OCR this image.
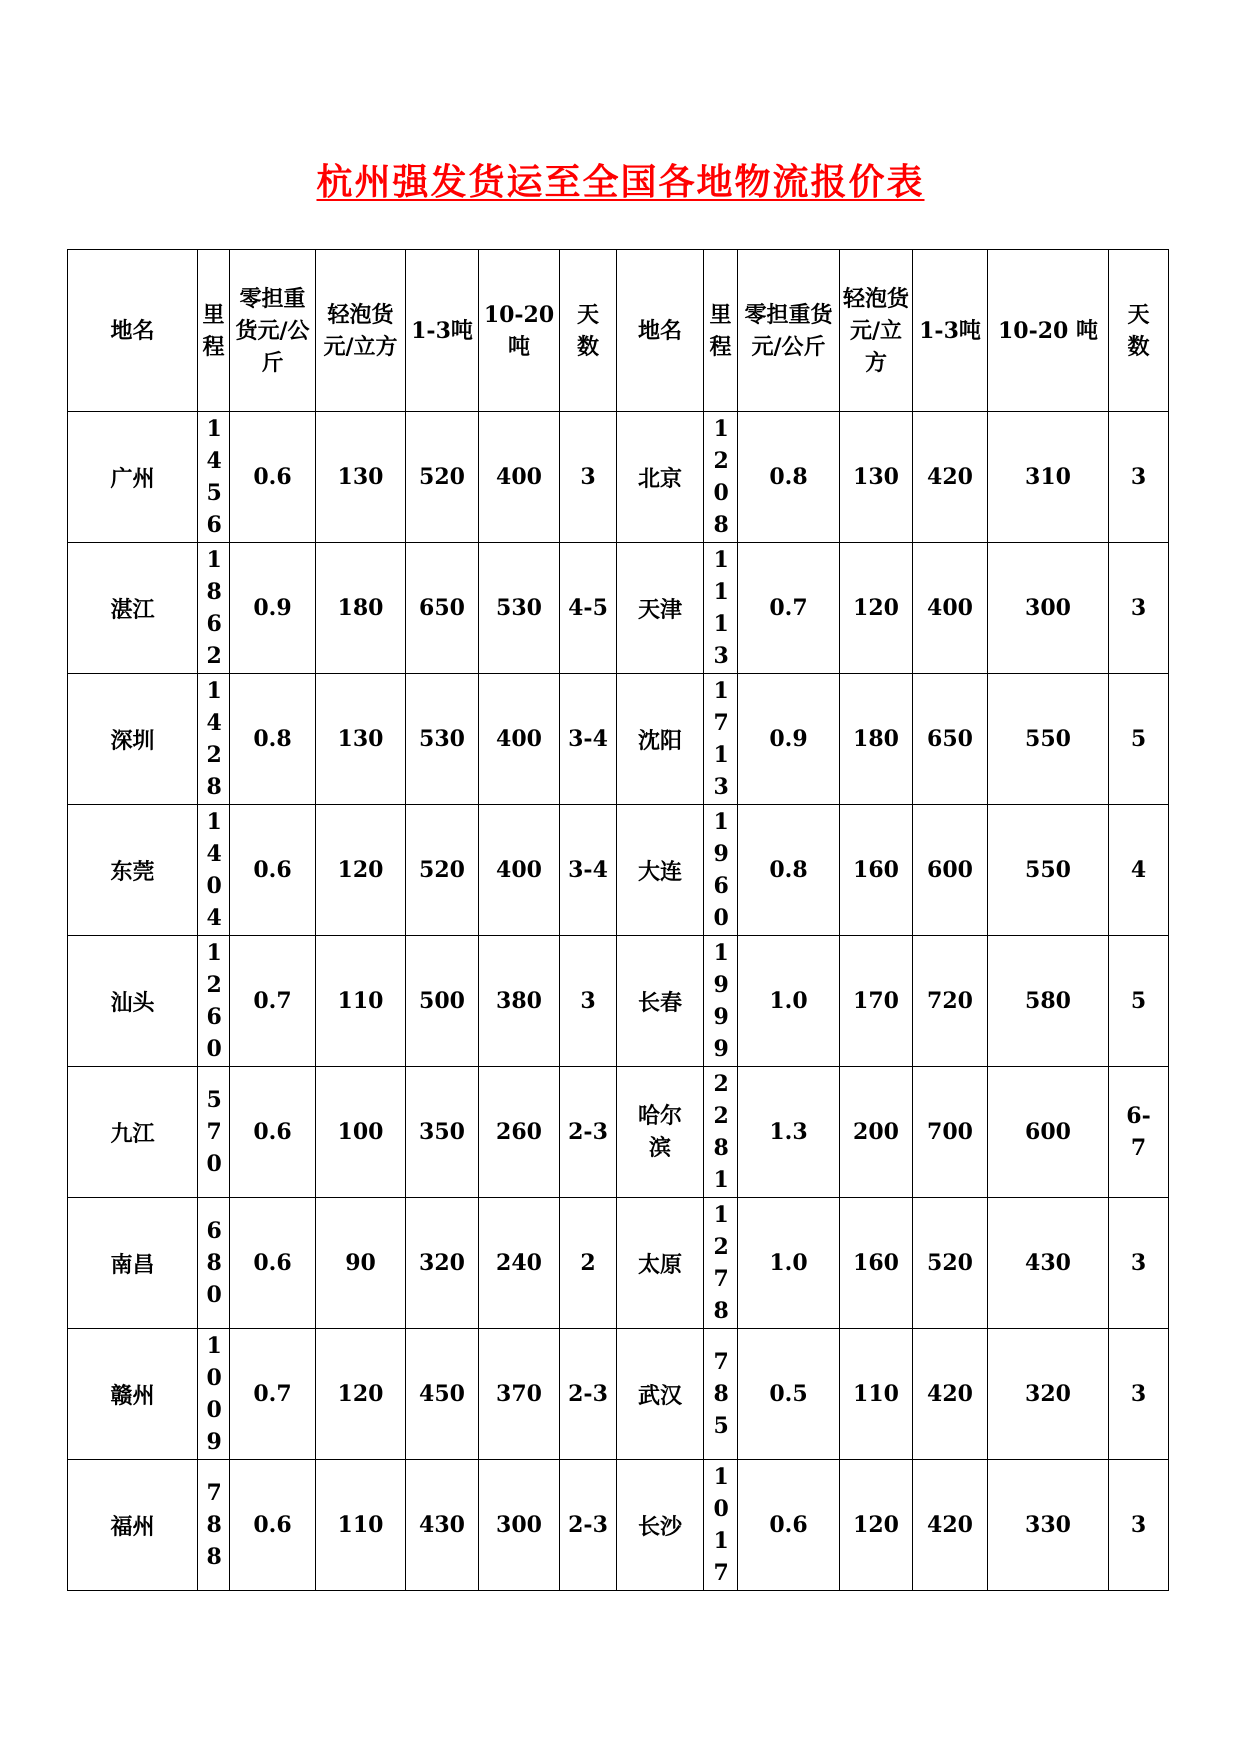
杭州强发货运至全国各地物流报价表
地名	里程	零担重货元/公斤	轻泡货元/立方	1-3吨	10-20吨	天数	地名	里程	零担重货元/公斤	轻泡货元/立方	1-3吨	10-20 吨	天数

广州	1456	0.6	130	520	400	3	北京	1208	0.8	130	420	310	3
湛江	1862	0.9	180	650	530	4-5	天津	1113	0.7	120	400	300	3
深圳	1428	0.8	130	530	400	3-4	沈阳	1713	0.9	180	650	550	5
东莞	1404	0.6	120	520	400	3-4	大连	1960	0.8	160	600	550	4
汕头	1260	0.7	110	500	380	3	长春	1999	1.0	170	720	580	5
九江	570	0.6	100	350	260	2-3	哈尔滨	2281	1.3	200	700	600	6-7

南昌	680	0.6	90	320	240	2	太原	1278	1.0	160	520	430	3
赣州	1009	0.7	120	450	370	2-3	武汉	785	0.5	110	420	320	3
福州	788	0.6	110	430	300	2-3	长沙	1017	0.6	120	420	330	3
